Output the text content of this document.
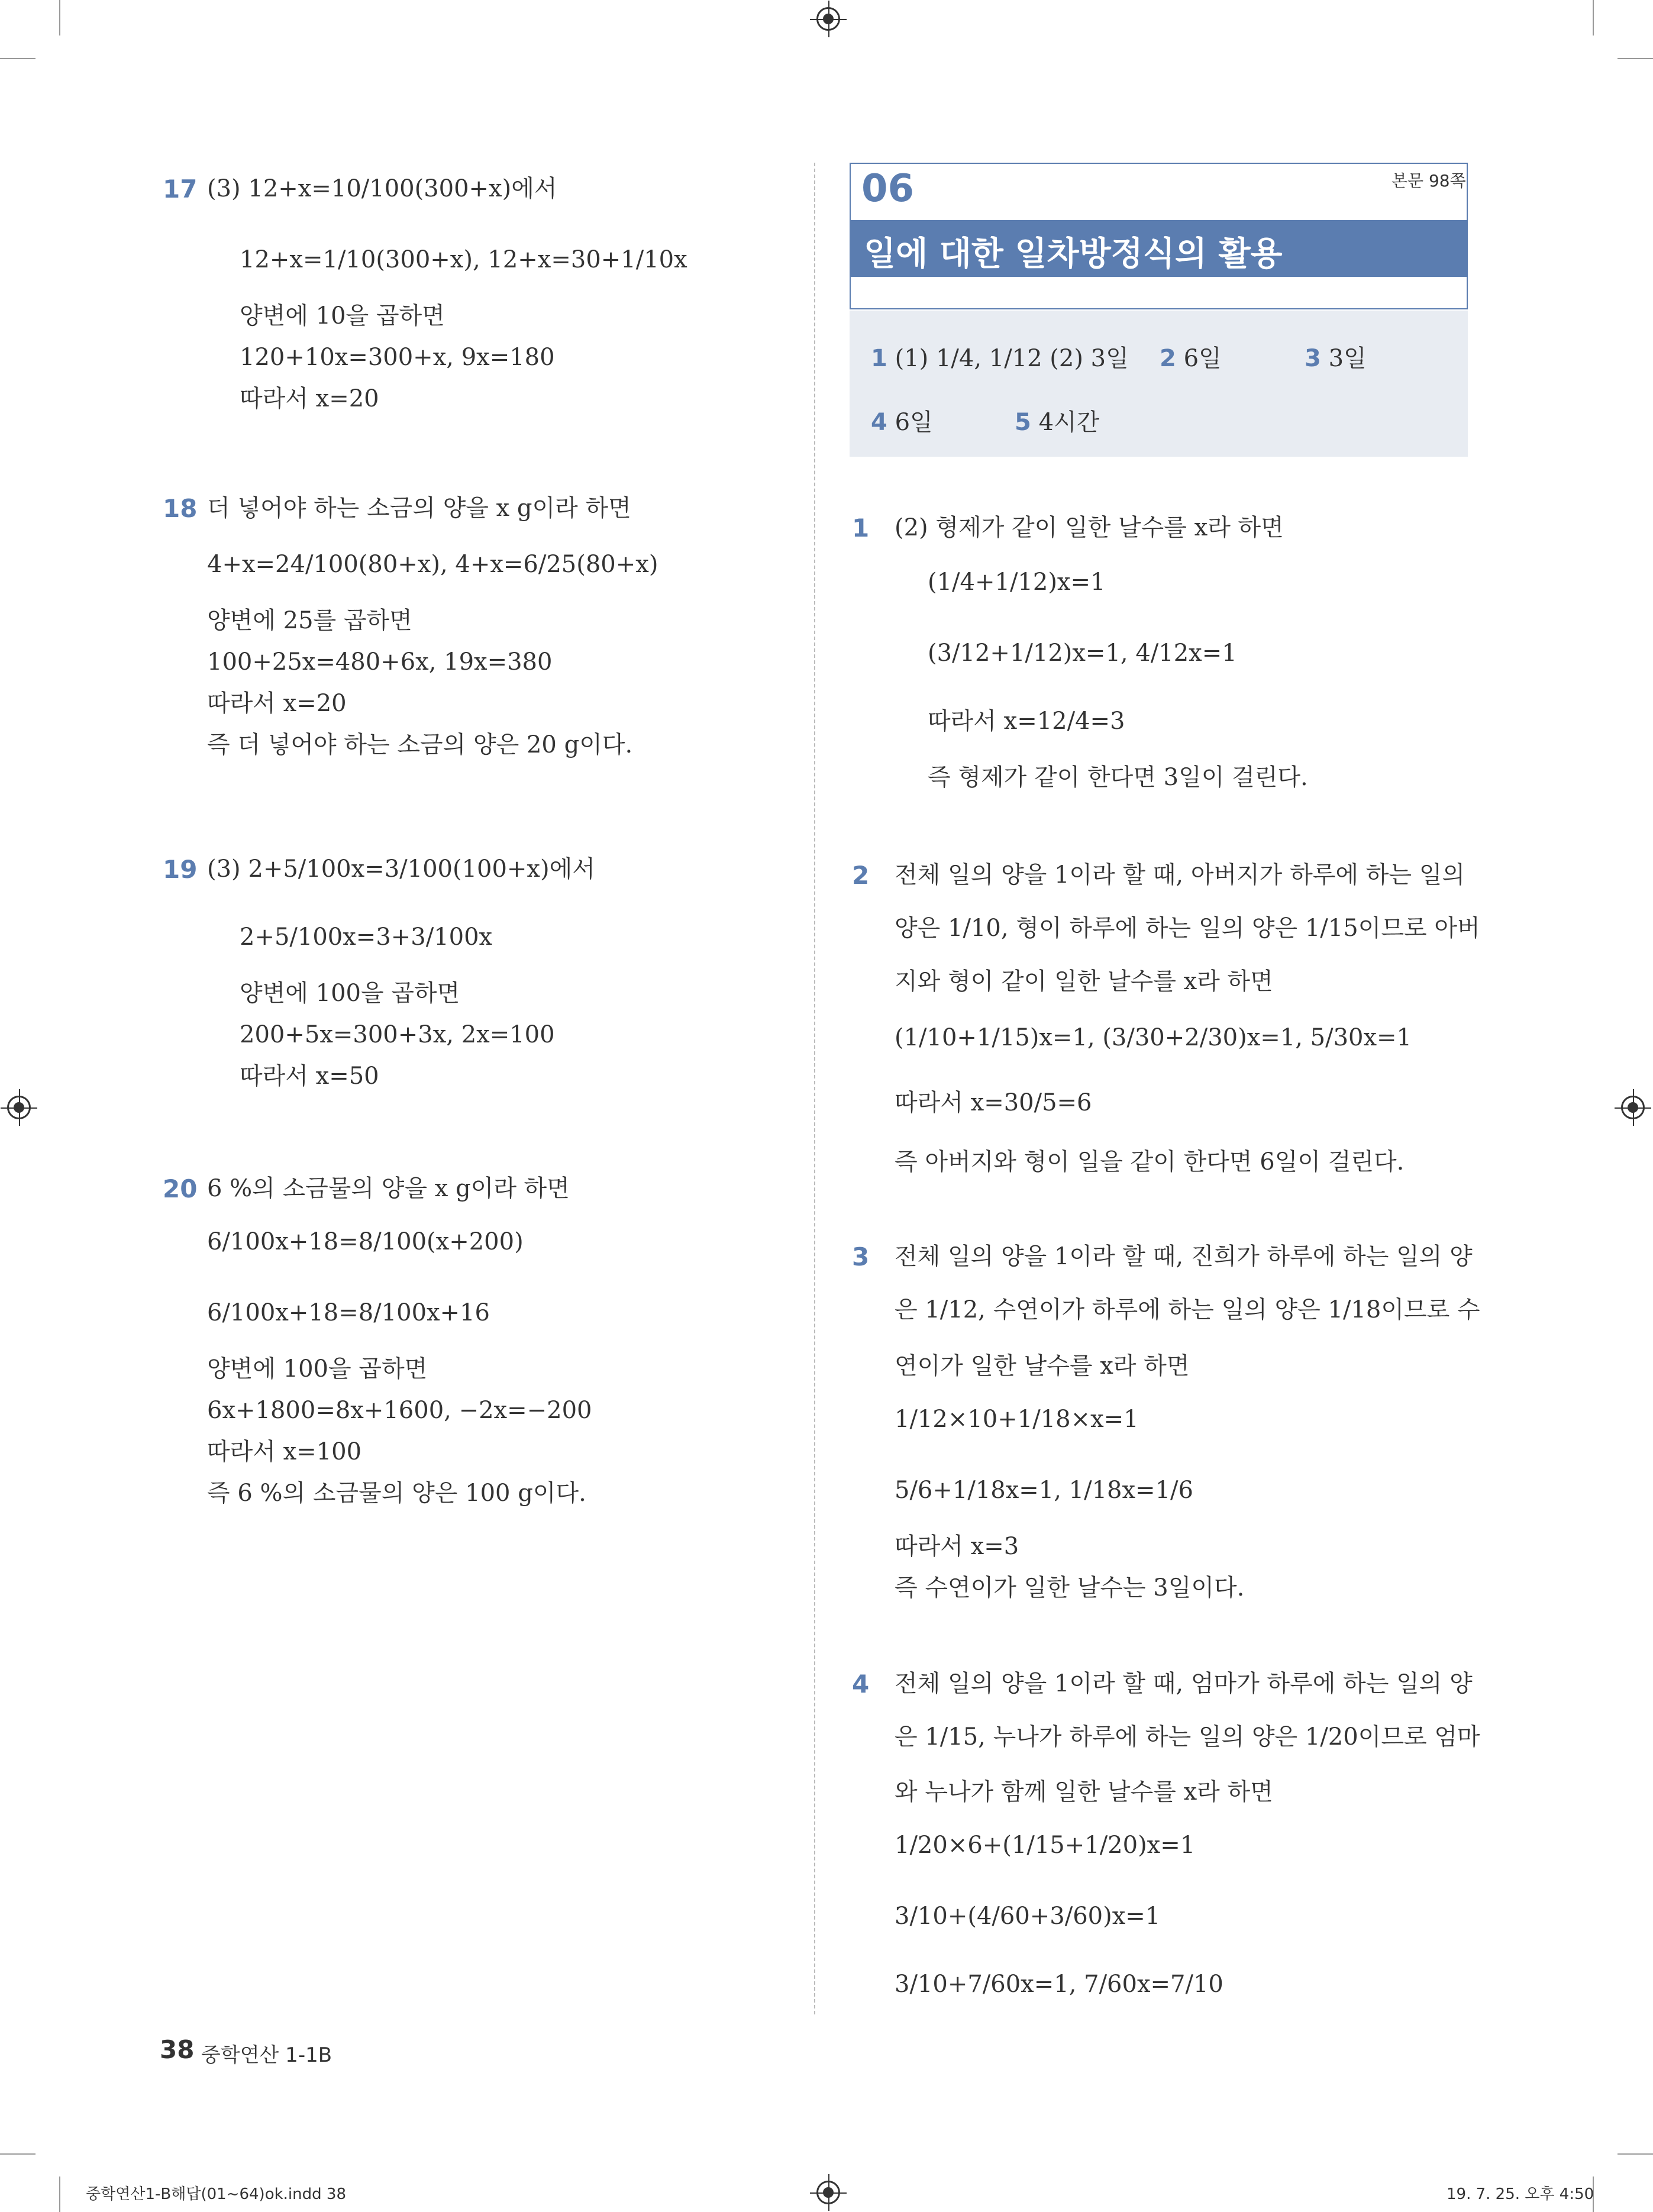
17 (3) 12+x=10/100(300+x)에서
12+x=1/10(300+x), 12+x=30+1/10x
양변에 10을 곱하면
120+10x=300+x, 9x=180
따라서 x=20
18 더 넣어야 하는 소금의 양을 x g이라 하면
4+x=24/100(80+x), 4+x=6/25(80+x)
양변에 25를 곱하면
100+25x=480+6x, 19x=380
따라서 x=20
즉 더 넣어야 하는 소금의 양은 20 g이다.
19 (3) 2+5/100x=3/100(100+x)에서
2+5/100x=3+3/100x
양변에 100을 곱하면
200+5x=300+3x, 2x=100
따라서 x=50
20 6 %의 소금물의 양을 x g이라 하면
6/100x+18=8/100(x+200)
6/100x+18=8/100x+16
양변에 100을 곱하면
6x+1800=8x+1600, −2x=−200
따라서 x=100
즉 6 %의 소금물의 양은 100 g이다.
06	본문 98쪽
일에 대한 일차방정식의 활용
1 (1) 1/4, 1/12 (2) 3일 2 6일	3 3일
4 6일	5 4시간
1 (2) 형제가 같이 일한 날수를 x라 하면
(1/4+1/12)x=1
(3/12+1/12)x=1, 4/12x=1
따라서 x=12/4=3
즉 형제가 같이 한다면 3일이 걸린다.
2 전체 일의 양을 1이라 할 때, 아버지가 하루에 하는 일의
양은 1/10, 형이 하루에 하는 일의 양은 1/15이므로 아버
지와 형이 같이 일한 날수를 x라 하면
(1/10+1/15)x=1, (3/30+2/30)x=1, 5/30x=1
따라서 x=30/5=6
즉 아버지와 형이 일을 같이 한다면 6일이 걸린다.
3 전체 일의 양을 1이라 할 때, 진희가 하루에 하는 일의 양
은 1/12, 수연이가 하루에 하는 일의 양은 1/18이므로 수
연이가 일한 날수를 x라 하면
1/12×10+1/18×x=1
5/6+1/18x=1, 1/18x=1/6
따라서 x=3
즉 수연이가 일한 날수는 3일이다.
4 전체 일의 양을 1이라 할 때, 엄마가 하루에 하는 일의 양
은 1/15, 누나가 하루에 하는 일의 양은 1/20이므로 엄마
와 누나가 함께 일한 날수를 x라 하면
1/20×6+(1/15+1/20)x=1
3/10+(4/60+3/60)x=1
3/10+7/60x=1, 7/60x=7/10
38 중학연산 1-1B
중학연산1-B해답(01~64)ok.indd 38	19. 7. 25. 오후 4:50
